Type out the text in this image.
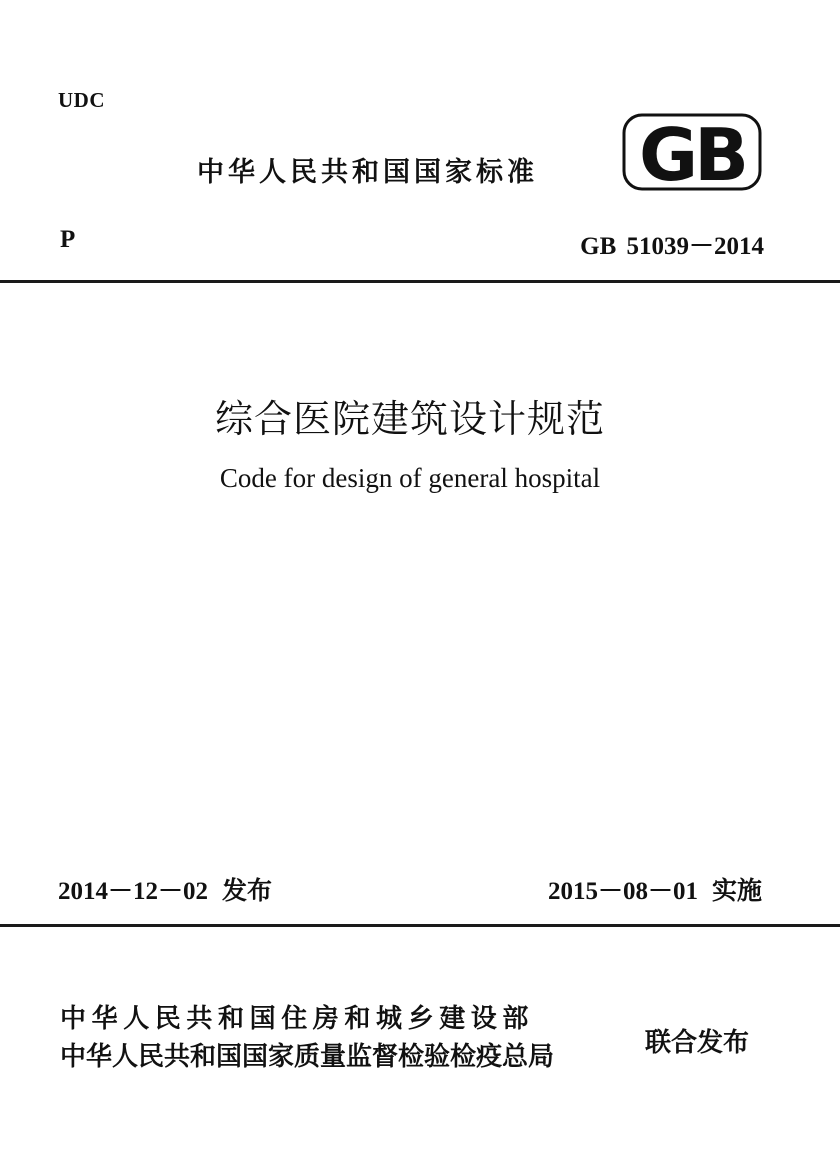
UDC
中华人民共和国国家标准 GB
P	GB 51039－2014
综合医院建筑设计规范
Code for design of general hospital
2014－12－02 发布	2015－08－01 实施
中华人民共和国住房和城乡建设部
中华人民共和国国家质量监督检验检疫总局	联合发布
